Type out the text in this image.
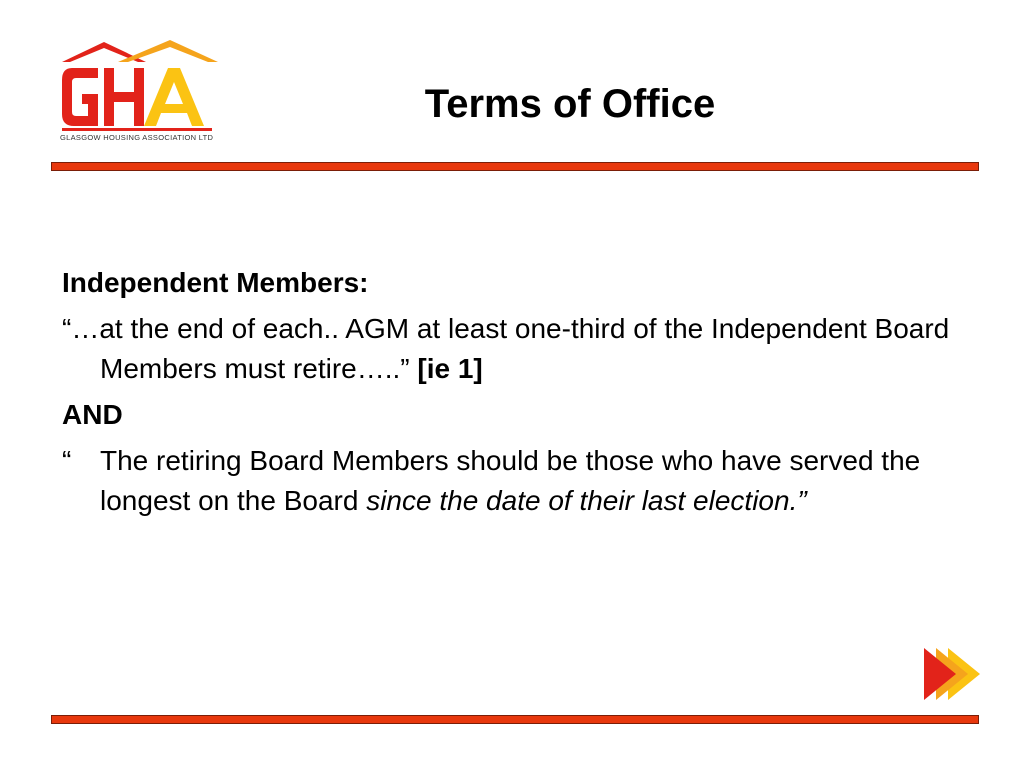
GLASGOW HOUSING ASSOCIATION LTD
Terms of Office

Independent Members:

“…at the end of each.. AGM at least one-third of the Independent Board Members must retire…..” [ie 1]

AND

“ The retiring Board Members should be those who have served the longest on the Board since the date of their last election.”
